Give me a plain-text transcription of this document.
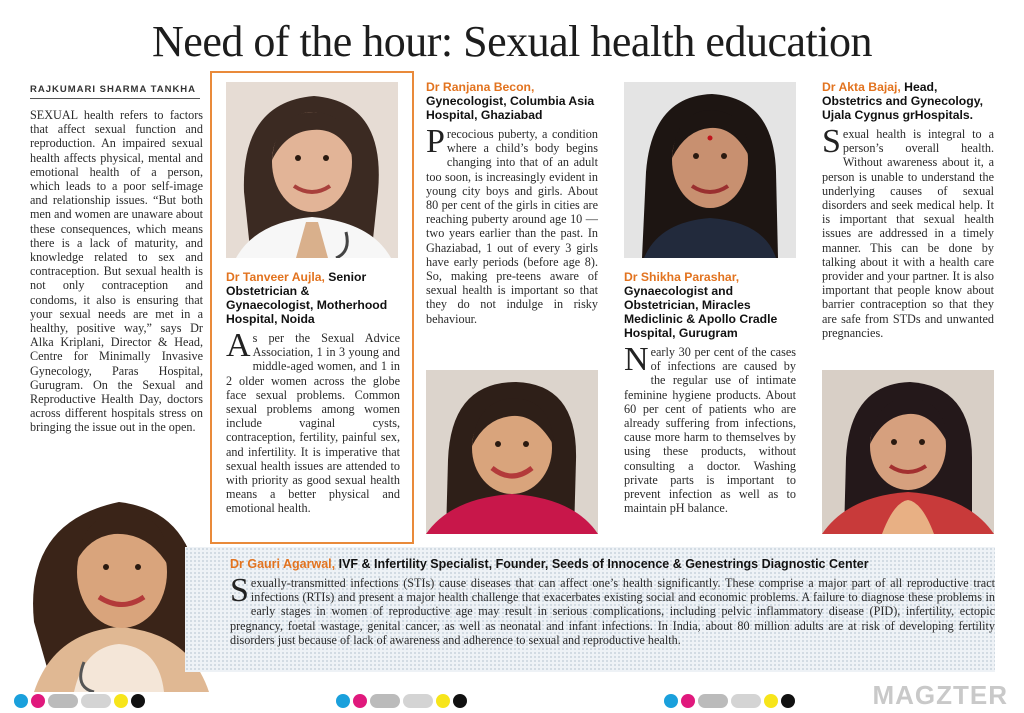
Need of the hour: Sexual health education
RAJKUMARI SHARMA TANKHA

SEXUAL health refers to factors that affect sexual function and reproduction. An impaired sexual health affects physical, mental and emotional health of a person, which leads to a poor self-image and relationship issues. “But both men and women are unaware about these consequences, which means there is a lack of maturity, and knowledge related to sex and contraception. But sexual health is not only contraception and condoms, it also is ensuring that your sexual needs are met in a healthy, positive way,” says Dr Alka Kriplani, Director & Head, Centre for Minimally Invasive Gynecology, Paras Hospital, Gurugram. On the Sexual and Reproductive Health Day, doctors across different hospitals stress on bringing the issue out in the open.

Dr Tanveer Aujla, Senior Obstetrician & Gynaecologist, Motherhood Hospital, Noida

As per the Sexual Advice Association, 1 in 3 young and middle-aged women, and 1 in 2 older women across the globe face sexual problems. Common sexual problems among women include vaginal cysts, contraception, fertility, painful sex, and infertility. It is imperative that sexual health issues are attended to with priority as good sexual health means a better physical and emotional health.

Dr Ranjana Becon,
Gynecologist, Columbia Asia Hospital, Ghaziabad

Precocious puberty, a condition where a child’s body begins changing into that of an adult too soon, is increasingly evident in young city boys and girls. About 80 per cent of the girls in cities are reaching puberty around age 10 — two years earlier than the past. In Ghaziabad, 1 out of every 3 girls have early periods (before age 8). So, making pre-teens aware of sexual health is important so that they do not indulge in risky behaviour.

Dr Shikha Parashar,
Gynaecologist and Obstetrician, Miracles Mediclinic & Apollo Cradle Hospital, Gurugram

Nearly 30 per cent of the cases of infections are caused by the regular use of intimate feminine hygiene products. About 60 per cent of patients who are already suffering from infections, cause more harm to themselves by using these products, without consulting a doctor. Washing private parts is important to prevent infection as well as to maintain pH balance.

Dr Akta Bajaj, Head, Obstetrics and Gynecology, Ujala Cygnus grHospitals.

Sexual health is integral to a person’s overall health. Without awareness about it, a person is unable to understand the underlying causes of sexual disorders and seek medical help. It is important that sexual health issues are addressed in a timely manner. This can be done by talking about it with a health care provider and your partner. It is also important that people know about barrier contraception so that they are safe from STDs and unwanted pregnancies.

Dr Gauri Agarwal, IVF & Infertility Specialist, Founder, Seeds of Innocence & Genestrings Diagnostic Center

Sexually-transmitted infections (STIs) cause diseases that can affect one’s health significantly. These comprise a major part of all reproductive tract infections (RTIs) and present a major health challenge that exacerbates existing social and economic problems. A failure to diagnose these problems in early stages in women of reproductive age may result in serious complications, including pelvic inflammatory disease (PID), infertility, ectopic pregnancy, foetal wastage, genital cancer, as well as neonatal and infant infections. In India, about 80 million adults are at risk of developing fertility disorders just because of lack of awareness and adherence to sexual and reproductive health.

MAGZTER
